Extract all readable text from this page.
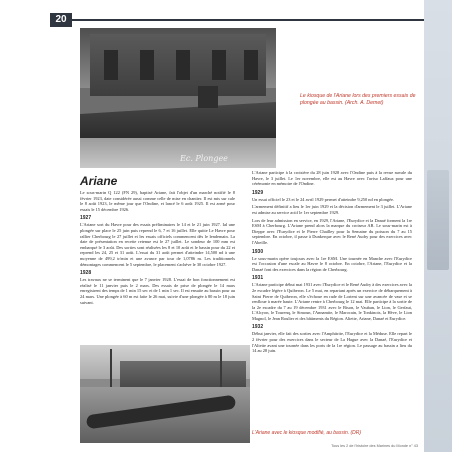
20
Ec. Plongee
Le kiosque de l'Ariane lors des premiers essais de plongée au bassin. (Arch. A. Demet)
Ariane

Le sous-marin Q 122 (FN 29), baptisé Ariane, fait l'objet d'un marché notifié le 8 février 1923, date considérée aussi comme celle de mise en chantier. Il est mis sur cale le 8 août 1923, le même jour que l'Ondine, et lancé le 6 août 1925. Il est armé pour essais le 15 décembre 1926.

1927

L'Ariane sort du Havre pour des essais préliminaires le 14 et le 21 juin 1927. Ial une plongée sur place le 25 juin puis reprend le 6, 7 et 16 juillet. Elle quitte Le Havre pour rallier Cherbourg le 27 juillet et les essais officiels commencent dès le lendemain. La date de présentation en recette retenue est le 27 juillet. Le sondeur de 100 mm est embarqué le 3 août. Des sorties sont réalisées les 8 et 10 août et le bassin pour du 22 et reprend les 24, 25 et 31 août. L'essai du 31 août permet d'atteindre 14,500 nd à une moyenne de 499,2 tr/min et une avance par tour de 1,0786 m. Les traditionnels démontages commencent le 5 septembre, le placement s'achève le 30 octobre 1927.

1928

Les travaux ne se terminent que le 7 janvier 1928. L'essai de bon fonctionnement est réalisé le 11 janvier puis le 2 mars. Des essais de prise de plongée le 14 mars enregistrent des temps de 1 min 15 sec et de 1 min 1 sec. Il est ensuite au bassin pour au 24 mars. Une plongée à 60 m est faite le 26 mai, suivie d'une plongée à 80 m le 18 juin suivant.

L'Ariane participe à la croisière du 28 juin 1928 avec l'Ondine puis à la revue navale du Havre, le 3 juillet. Le 1er novembre, elle est au Havre avec l'aviso Laffaux pour une cérémonie en mémoire de l'Ondine.

1929

Un essai officiel le 23 et le 24 avril 1929 permet d'atteindre 9,250 nd en plongée.

L'armement définitif a lieu le 1er juin 1929 et la décision d'armement le 3 juillet. L'Ariane est admise au service actif le 1er septembre 1929.

Lors de leur admission en service, en 1929, l'Ariane, l'Eurydice et la Danaé forment la 1re ESM à Cherbourg. L'Ariane prend alors la marque du croiseur AR. Le sous-marin est à Dieppe avec l'Eurydice et le Pierre Chailley pour la Semaine du poisson du 7 au 15 septembre. En octobre, il passe à Dunkerque avec le René Audry pour des exercices avec l'Abeille.

1930

Le sous-marin opère toujours avec la 1re ESM. Une tournée en Manche avec l'Eurydice est l'occasion d'une escale au Havre le 8 octobre. En octobre, l'Ariane, l'Eurydice et la Danaé font des exercices dans la région de Cherbourg.

1931

L'Ariane participe début mai 1931 avec l'Eurydice et le René Audry à des exercices avec la 2e escadre légère à Quiberon. Le 5 mai, en repartant après un exercice de débarquement à Saint Pierre de Quiberon, elle s'échoue en rade de Lorient sur une avancée de vase et se renfloue à marée haute. L'Ariane rentre à Cherbourg le 12 mai. Elle participe à la sortie de la 2e escadre du 7 au 19 décembre 1931 avec le Bison, le Vauban, le Lion, le Gerfaut, L'Alcyon, le Tourenq, le Simoun, l'Annamite, le Marocain, le Tonkinois, la Hève, le Lion Magnol, le Jean Roulier et des bâtiments du Région. Aliette, Ariane, Danaé et Eurydice.

1932

Début janvier, elle fait des sorties avec l'Amphitrite, l'Eurydice et la Méduse. Elle repart le 2 février pour des exercices dans le secteur de La Hague avec la Danaé, l'Eurydice et l'Aliette avant une tournée dans les ports de la 1re région. Le passage au bassin a lieu du 14 au 28 juin.

L'Ariane avec le kiosque modifié, au bassin. (DR)
Tous les 2 de l'histoire des Marines du Monde n° 43
